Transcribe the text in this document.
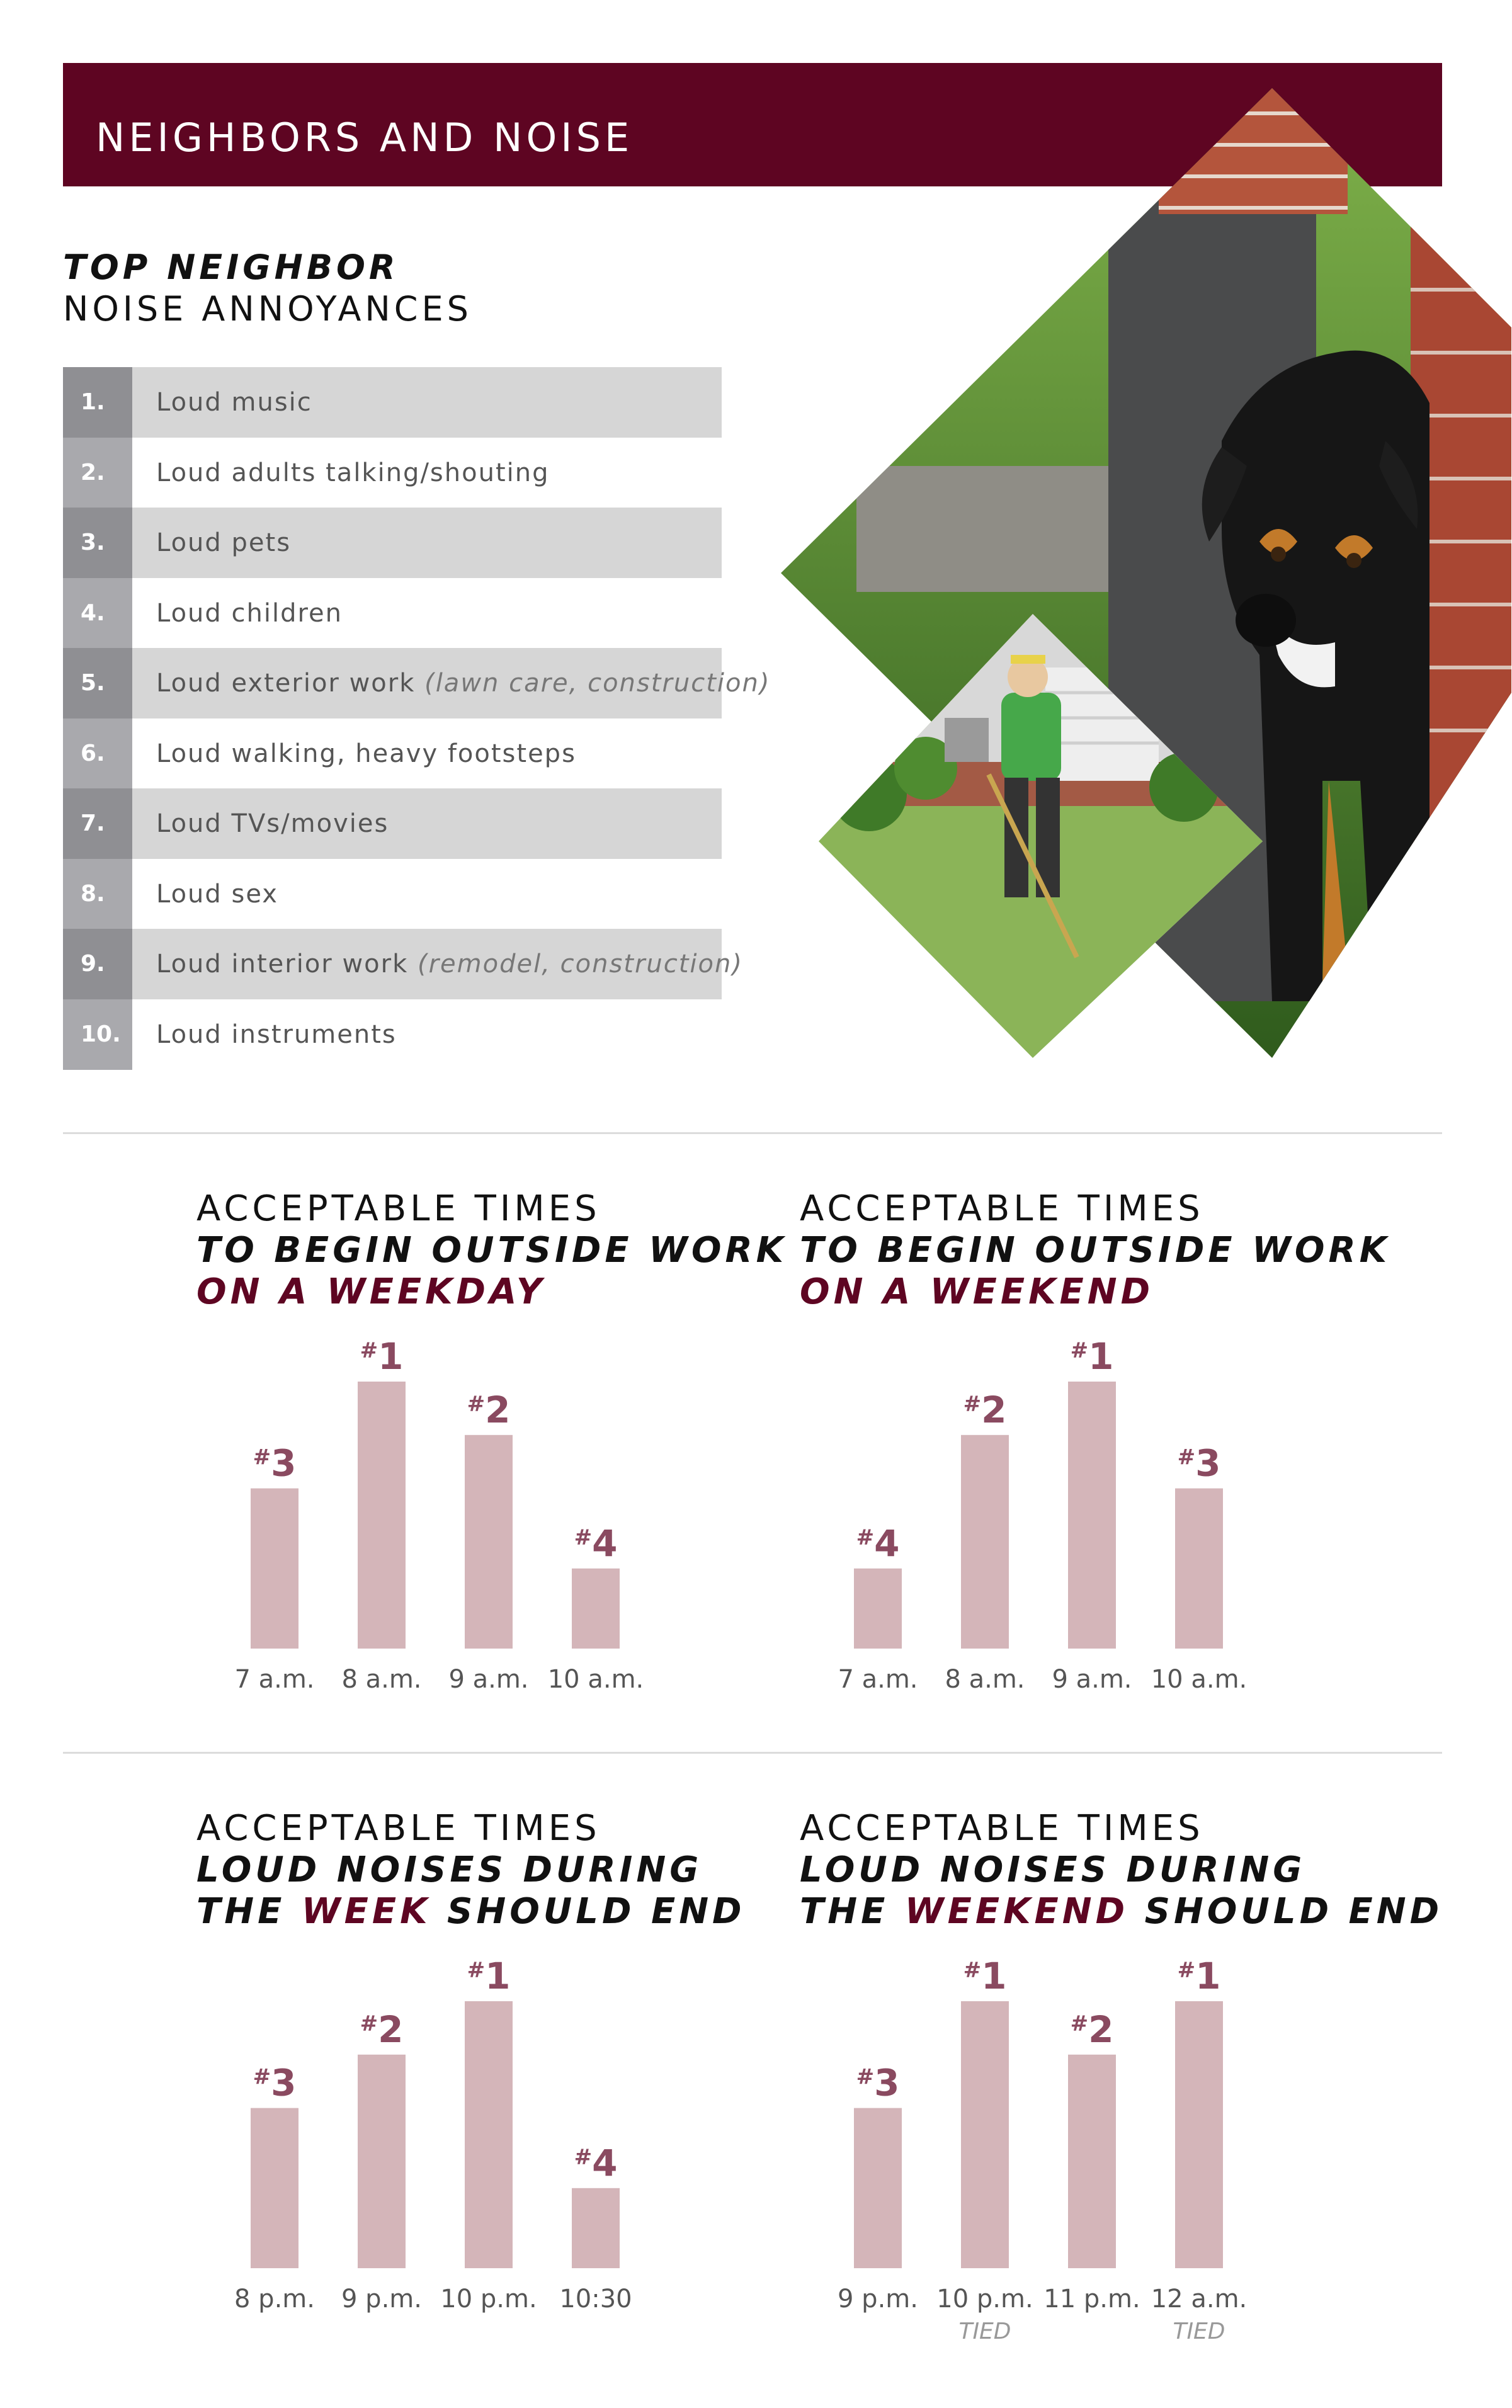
NEIGHBORS AND NOISE
TOP NEIGHBOR
NOISE ANNOYANCES
1. Loud music
2. Loud adults talking/shouting
3. Loud pets
4. Loud children
5. Loud exterior work (lawn care, construction)
6. Loud walking, heavy footsteps
7. Loud TVs/movies
8. Loud sex
9. Loud interior work (remodel, construction)
10. Loud instruments
ACCEPTABLE TIMES
TO BEGIN OUTSIDE WORK
ON A WEEKDAY
ACCEPTABLE TIMES
TO BEGIN OUTSIDE WORK
ON A WEEKEND
ACCEPTABLE TIMES
LOUD NOISES DURING
THE WEEK SHOULD END
ACCEPTABLE TIMES
LOUD NOISES DURING
THE WEEKEND SHOULD END
#3
7 a.m.
#1
8 a.m.
#2
9 a.m.
#4
10 a.m.
#4
7 a.m.
#2
8 a.m.
#1
9 a.m.
#3
10 a.m.
#3
8 p.m.
#2
9 p.m.
#1
10 p.m.
#4
10:30
#3
9 p.m.
#1
10 p.m.
TIED
#2
11 p.m.
#1
12 a.m.
TIED
